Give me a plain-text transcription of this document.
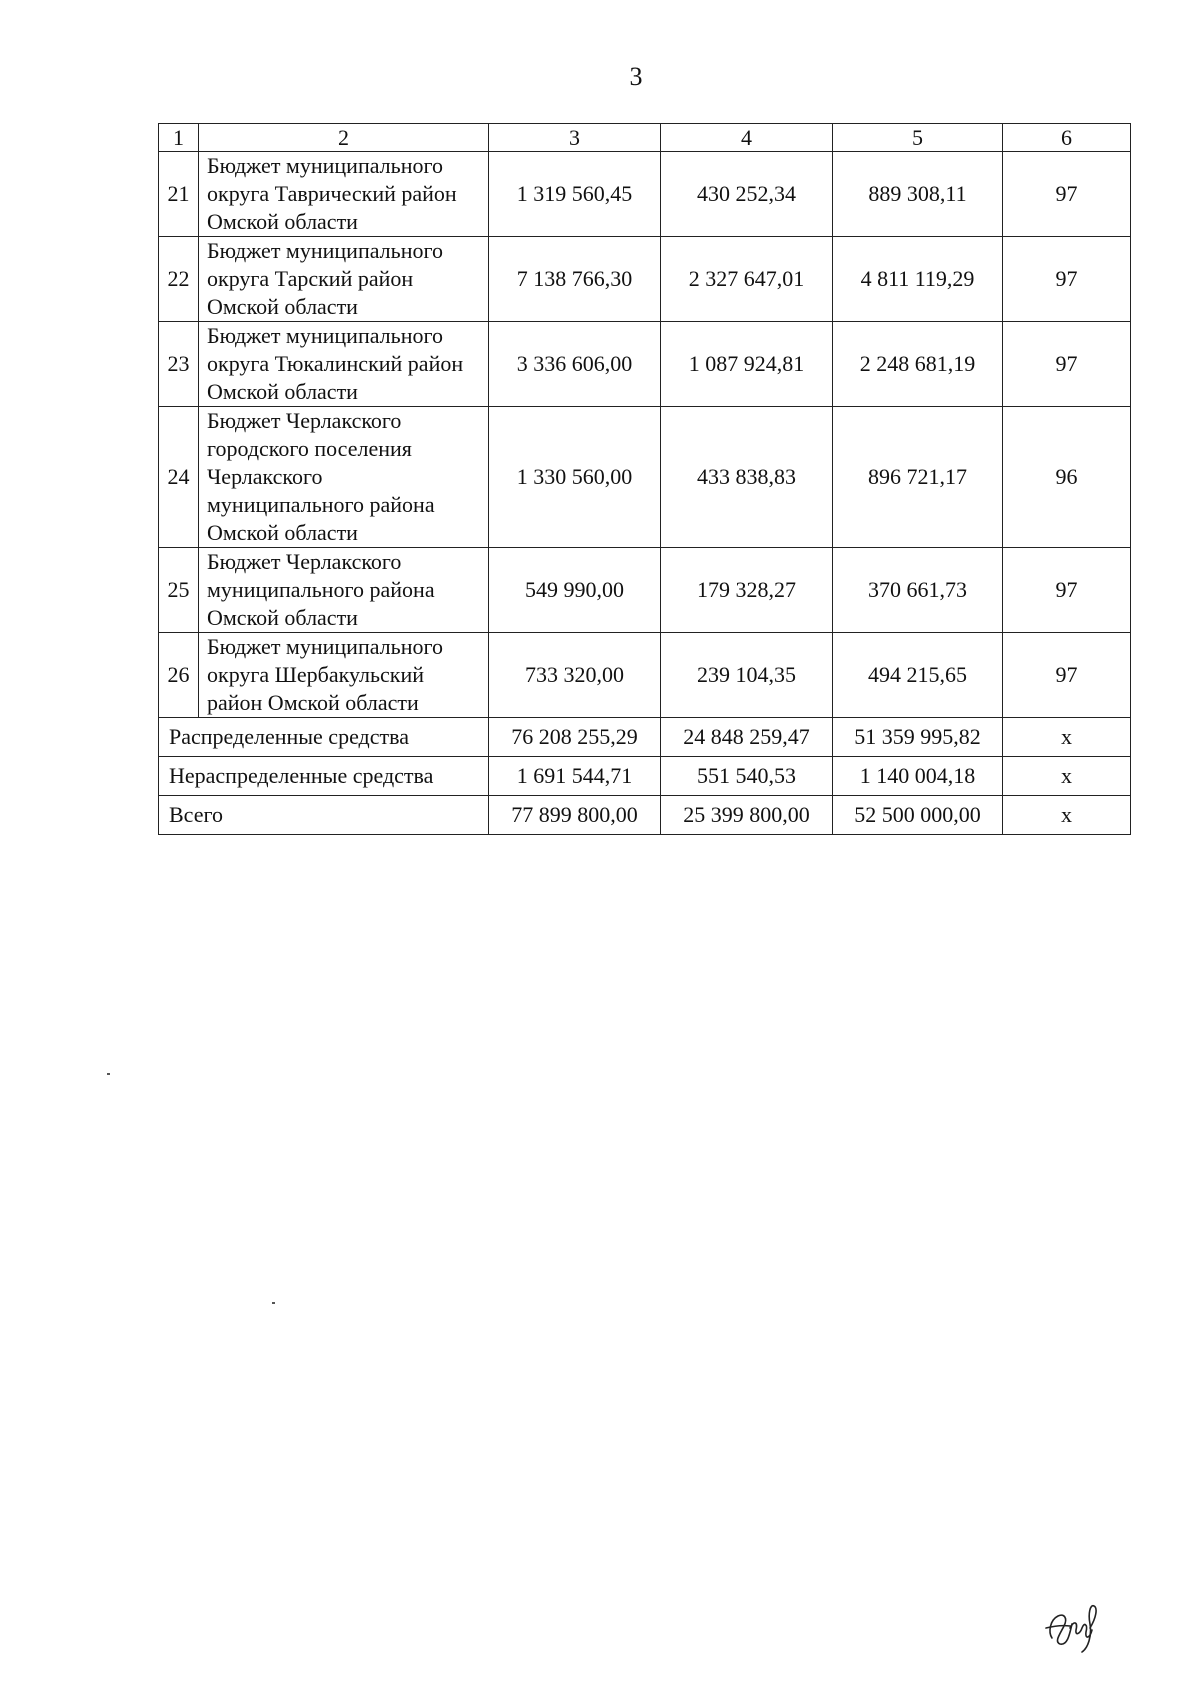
3
1	2	3	4	5	6
21	Бюджет муниципального округа Таврический район Омской области	1 319 560,45	430 252,34	889 308,11	97
22	Бюджет муниципального округа Тарский район Омской области	7 138 766,30	2 327 647,01	4 811 119,29	97
23	Бюджет муниципального округа Тюкалинский район Омской области	3 336 606,00	1 087 924,81	2 248 681,19	97
24	Бюджет Черлакского городского поселения Черлакского муниципального района Омской области	1 330 560,00	433 838,83	896 721,17	96
25	Бюджет Черлакского муниципального района Омской области	549 990,00	179 328,27	370 661,73	97
26	Бюджет муниципального округа Шербакульский район Омской области	733 320,00	239 104,35	494 215,65	97
Распределенные средства		76 208 255,29	24 848 259,47	51 359 995,82	х
Нераспределенные средства		1 691 544,71	551 540,53	1 140 004,18	х
Всего		77 899 800,00	25 399 800,00	52 500 000,00	х
